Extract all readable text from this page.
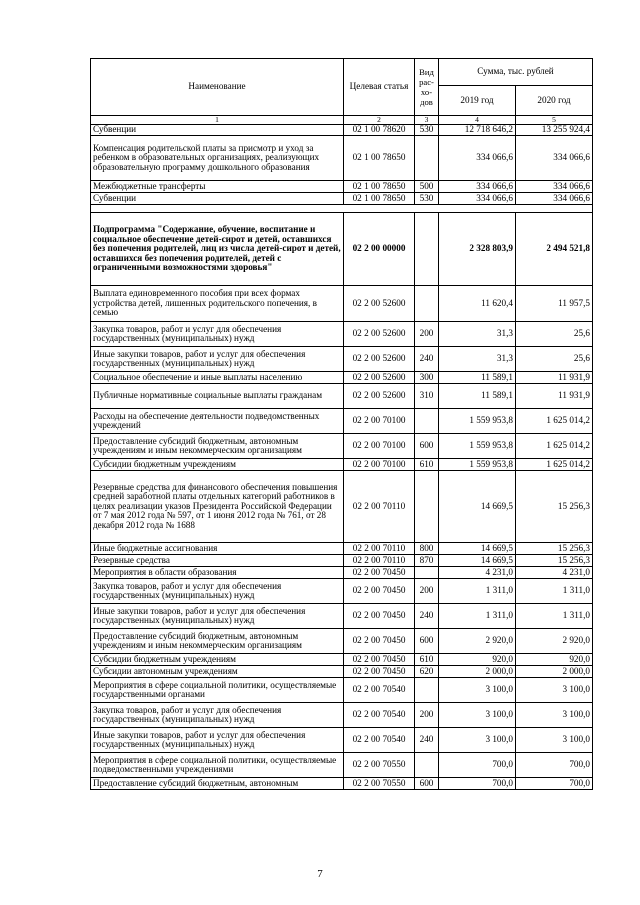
Наименование	Целевая статья	Вид рас-хо-дов	Сумма, тыс. рублей	
			2019 год	2020 год
1	2	3	4	5
Субвенции	02 1 00 78620	530	12 718 646,2	13 255 924,4
Компенсация родительской платы за присмотр и уход за ребенком в образовательных организациях, реализующих образовательную программу дошкольного образования	02 1 00 78650		334 066,6	334 066,6
Межбюджетные трансферты	02 1 00 78650	500	334 066,6	334 066,6
Субвенции	02 1 00 78650	530	334 066,6	334 066,6

Подпрограмма "Содержание, обучение, воспитание и социальное обеспечение детей-сирот и детей, оставшихся без попечения родителей, лиц из числа детей-сирот и детей, оставшихся без попечения родителей, детей с ограниченными возможностями здоровья"	02 2 00 00000		2 328 803,9	2 494 521,8
Выплата единовременного пособия при всех формах устройства детей, лишенных родительского попечения, в семью	02 2 00 52600		11 620,4	11 957,5
Закупка товаров, работ и услуг для обеспечения государственных (муниципальных) нужд	02 2 00 52600	200	31,3	25,6
Иные закупки товаров, работ и услуг для обеспечения государственных (муниципальных) нужд	02 2 00 52600	240	31,3	25,6
Социальное обеспечение и иные выплаты населению	02 2 00 52600	300	11 589,1	11 931,9
Публичные нормативные социальные выплаты гражданам	02 2 00 52600	310	11 589,1	11 931,9
Расходы на обеспечение деятельности подведомственных учреждений	02 2 00 70100		1 559 953,8	1 625 014,2
Предоставление субсидий бюджетным, автономным учреждениям и иным некоммерческим организациям	02 2 00 70100	600	1 559 953,8	1 625 014,2
Субсидии бюджетным учреждениям	02 2 00 70100	610	1 559 953,8	1 625 014,2
Резервные средства для финансового обеспечения повышения средней заработной платы отдельных категорий работников в целях реализации указов Президента Российской Федерации от 7 мая 2012 года № 597, от 1 июня 2012 года № 761, от 28 декабря 2012 года № 1688	02 2 00 70110		14 669,5	15 256,3
Иные бюджетные ассигнования	02 2 00 70110	800	14 669,5	15 256,3
Резервные средства	02 2 00 70110	870	14 669,5	15 256,3
Мероприятия в области образования	02 2 00 70450		4 231,0	4 231,0
Закупка товаров, работ и услуг для обеспечения государственных (муниципальных) нужд	02 2 00 70450	200	1 311,0	1 311,0
Иные закупки товаров, работ и услуг для обеспечения государственных (муниципальных) нужд	02 2 00 70450	240	1 311,0	1 311,0
Предоставление субсидий бюджетным, автономным учреждениям и иным некоммерческим организациям	02 2 00 70450	600	2 920,0	2 920,0
Субсидии бюджетным учреждениям	02 2 00 70450	610	920,0	920,0
Субсидии автономным учреждениям	02 2 00 70450	620	2 000,0	2 000,0
Мероприятия в сфере социальной политики, осуществляемые государственными органами	02 2 00 70540		3 100,0	3 100,0
Закупка товаров, работ и услуг для обеспечения государственных (муниципальных) нужд	02 2 00 70540	200	3 100,0	3 100,0
Иные закупки товаров, работ и услуг для обеспечения государственных (муниципальных) нужд	02 2 00 70540	240	3 100,0	3 100,0
Мероприятия в сфере социальной политики, осуществляемые подведомственными учреждениями	02 2 00 70550		700,0	700,0
Предоставление субсидий бюджетным, автономным	02 2 00 70550	600	700,0	700,0
7
